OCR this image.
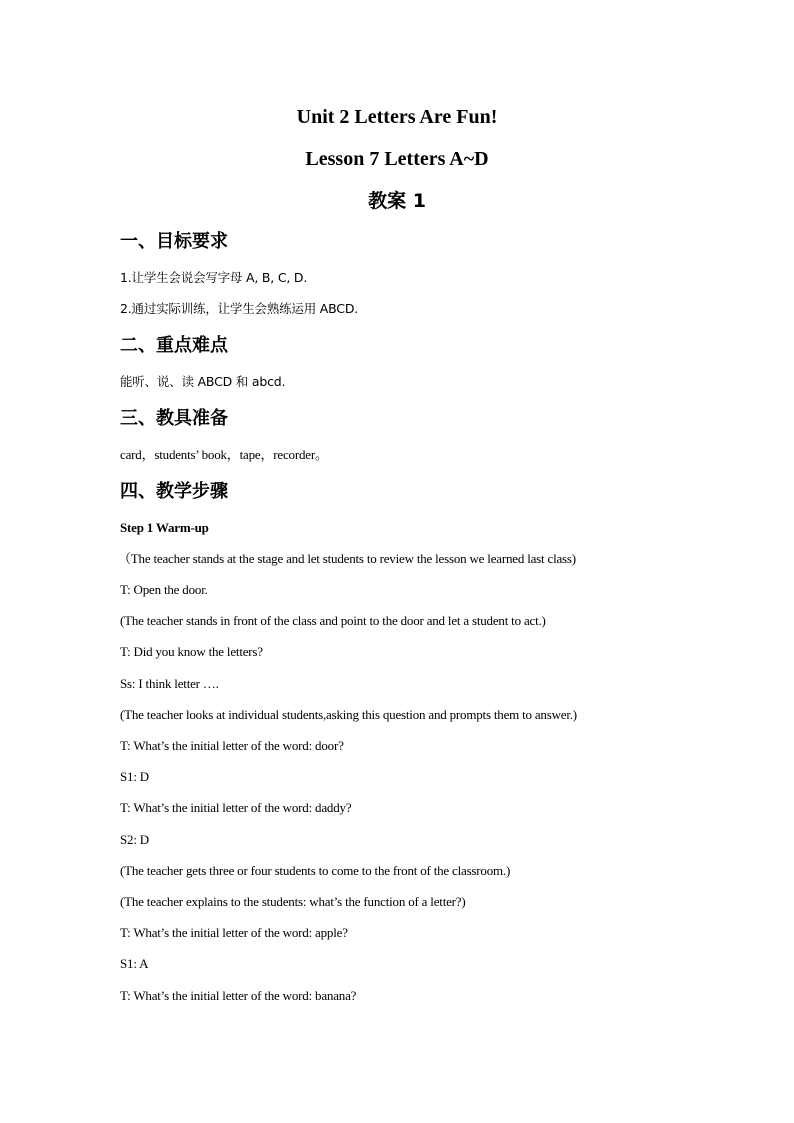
Unit 2 Letters Are Fun!
Lesson 7 Letters A~D
教案 1
一、目标要求
1.让学生会说会写字母 A, B, C, D.
2.通过实际训练，让学生会熟练运用 ABCD.
二、重点难点
能听、说、读 ABCD 和 abcd.
三、教具准备
card，students’ book，tape，recorder。
四、教学步骤
Step 1 Warm-up
（The teacher stands at the stage and let students to review the lesson we learned last class)
T: Open the door.
(The teacher stands in front of the class and point to the door and let a student to act.)
T: Did you know the letters?
Ss: I think letter ….
(The teacher looks at individual students,asking this question and prompts them to answer.)
T: What’s the initial letter of the word: door?
S1: D
T: What’s the initial letter of the word: daddy?
S2: D
(The teacher gets three or four students to come to the front of the classroom.)
(The teacher explains to the students: what’s the function of a letter?)
T: What’s the initial letter of the word: apple?
S1: A
T: What’s the initial letter of the word: banana?
